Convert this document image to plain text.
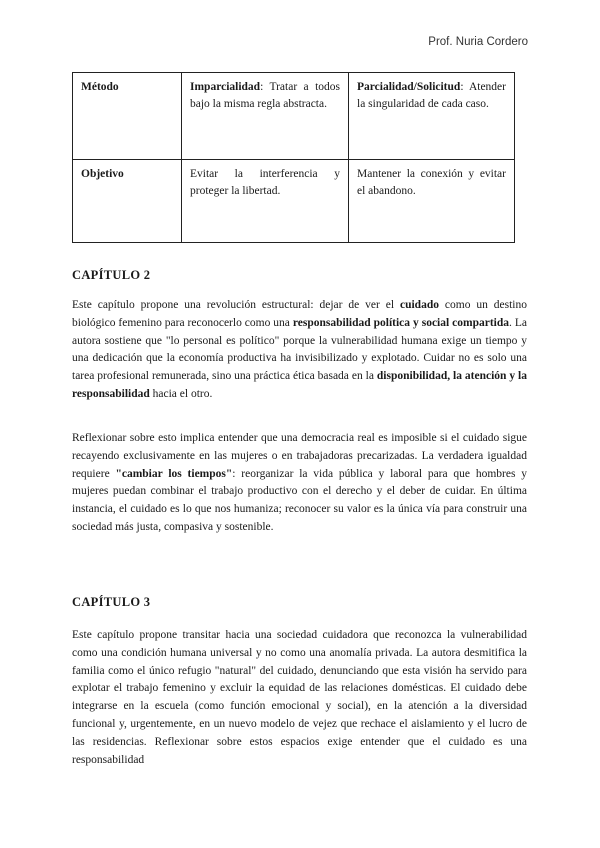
Prof. Nuria Cordero
Método	Imparcialidad: Tratar a todos bajo la misma regla abstracta.	Parcialidad/Solicitud: Atender la singularidad de cada caso.
Objetivo	Evitar la interferencia y proteger la libertad.	Mantener la conexión y evitar el abandono.
CAPÍTULO 2

Este capítulo propone una revolución estructural: dejar de ver el cuidado como un destino biológico femenino para reconocerlo como una responsabilidad política y social compartida. La autora sostiene que "lo personal es político" porque la vulnerabilidad humana exige un tiempo y una dedicación que la economía productiva ha invisibilizado y explotado. Cuidar no es solo una tarea profesional remunerada, sino una práctica ética basada en la disponibilidad, la atención y la responsabilidad hacia el otro.

Reflexionar sobre esto implica entender que una democracia real es imposible si el cuidado sigue recayendo exclusivamente en las mujeres o en trabajadoras precarizadas. La verdadera igualdad requiere "cambiar los tiempos": reorganizar la vida pública y laboral para que hombres y mujeres puedan combinar el trabajo productivo con el derecho y el deber de cuidar. En última instancia, el cuidado es lo que nos humaniza; reconocer su valor es la única vía para construir una sociedad más justa, compasiva y sostenible.

CAPÍTULO 3

Este capítulo propone transitar hacia una sociedad cuidadora que reconozca la vulnerabilidad como una condición humana universal y no como una anomalía privada. La autora desmitifica la familia como el único refugio "natural" del cuidado, denunciando que esta visión ha servido para explotar el trabajo femenino y excluir la equidad de las relaciones domésticas. El cuidado debe integrarse en la escuela (como función emocional y social), en la atención a la diversidad funcional y, urgentemente, en un nuevo modelo de vejez que rechace el aislamiento y el lucro de las residencias. Reflexionar sobre estos espacios exige entender que el cuidado es una responsabilidad
